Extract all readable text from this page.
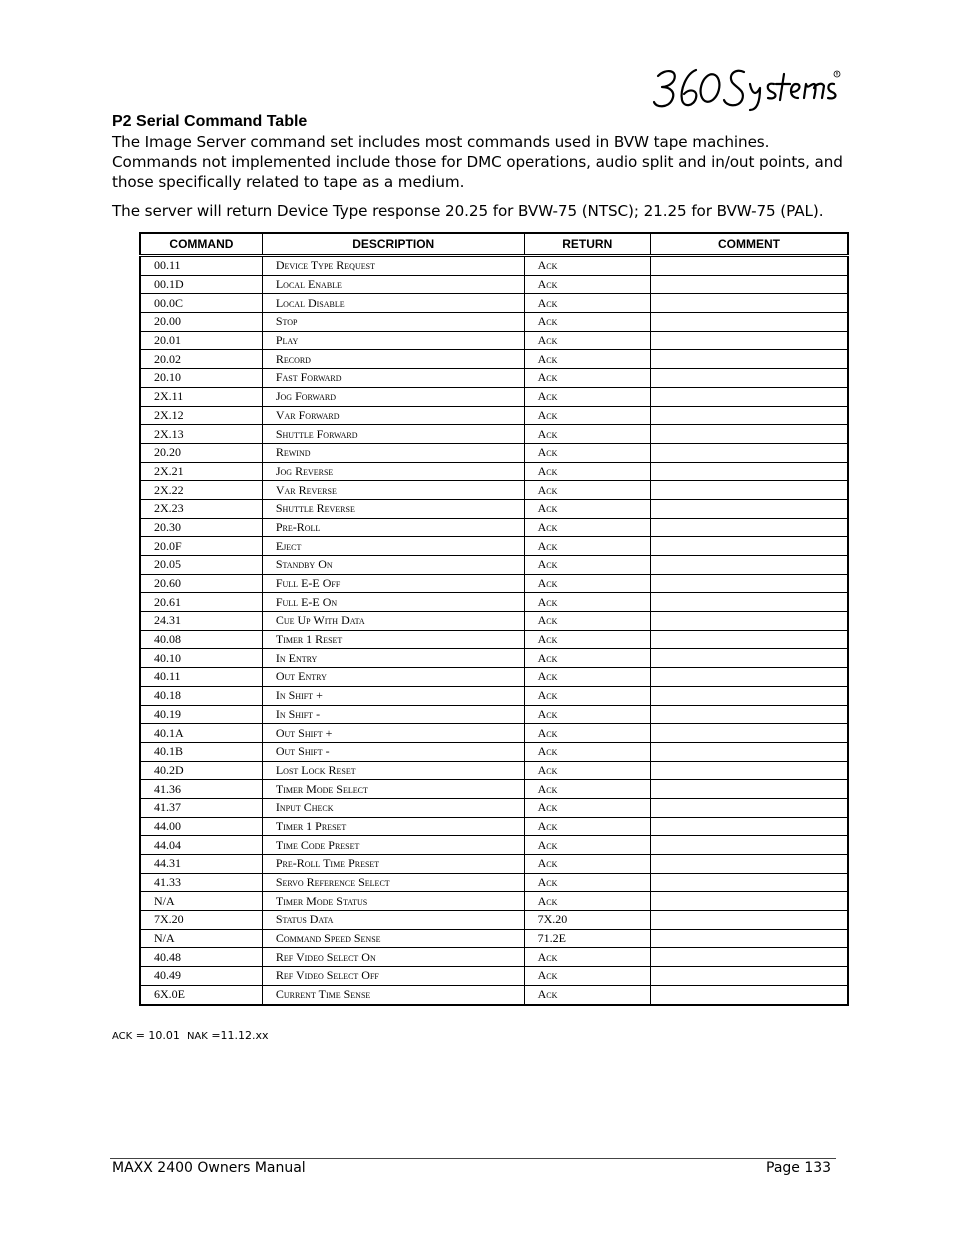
R
P2 Serial Command Table
The Image Server command set includes most commands used in BVW tape machines. Commands not implemented include those for DMC operations, audio split and in/out points, and those specifically related to tape as a medium.
The server will return Device Type response 20.25 for BVW-75 (NTSC); 21.25 for BVW-75 (PAL).
COMMAND	DESCRIPTION	RETURN	COMMENT
00.11	Device Type Request	Ack	
00.1D	Local Enable	Ack	
00.0C	Local Disable	Ack	
20.00	Stop	Ack	
20.01	Play	Ack	
20.02	Record	Ack	
20.10	Fast Forward	Ack	
2X.11	Jog Forward	Ack	
2X.12	Var Forward	Ack	
2X.13	Shuttle Forward	Ack	
20.20	Rewind	Ack	
2X.21	Jog Reverse	Ack	
2X.22	Var Reverse	Ack	
2X.23	Shuttle Reverse	Ack	
20.30	Pre-Roll	Ack	
20.0F	Eject	Ack	
20.05	Standby On	Ack	
20.60	Full E-E Off	Ack	
20.61	Full E-E On	Ack	
24.31	Cue Up With Data	Ack	
40.08	Timer 1 Reset	Ack	
40.10	In Entry	Ack	
40.11	Out Entry	Ack	
40.18	In Shift +	Ack	
40.19	In Shift -	Ack	
40.1A	Out Shift +	Ack	
40.1B	Out Shift -	Ack	
40.2D	Lost Lock Reset	Ack	
41.36	Timer Mode Select	Ack	
41.37	Input Check	Ack	
44.00	Timer 1 Preset	Ack	
44.04	Time Code Preset	Ack	
44.31	Pre-Roll Time Preset	Ack	
41.33	Servo Reference Select	Ack	
N/A	Timer Mode Status	Ack	
7X.20	Status Data	7X.20	
N/A	Command Speed Sense	71.2E	
40.48	Ref Video Select On	Ack	
40.49	Ref Video Select Off	Ack	
6X.0E	Current Time Sense	Ack	
ACK = 10.01 NAK =11.12.xx
MAXX 2400 Owners Manual	Page 133
